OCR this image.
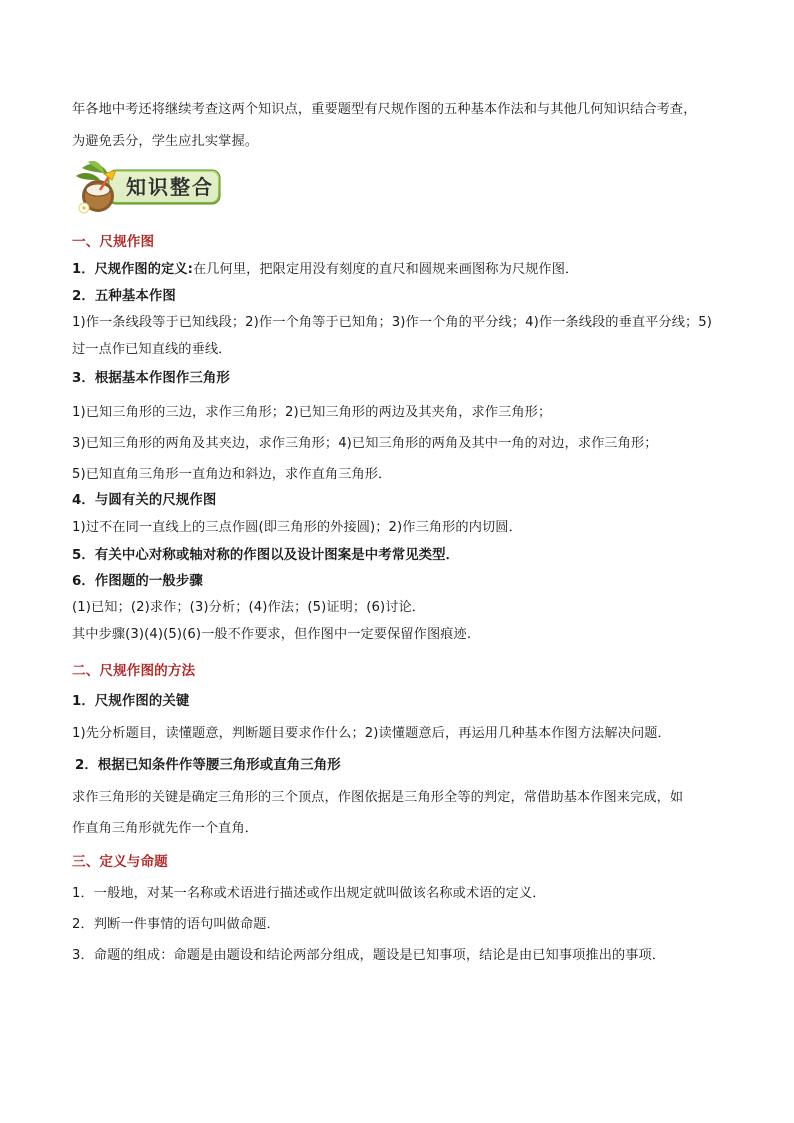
年各地中考还将继续考查这两个知识点，重要题型有尺规作图的五种基本作法和与其他几何知识结合考查，
为避免丢分，学生应扎实掌握。
知识整合
一、尺规作图
1．尺规作图的定义:在几何里，把限定用没有刻度的直尺和圆规来画图称为尺规作图．
2．五种基本作图
1)作一条线段等于已知线段；2)作一个角等于已知角；3)作一个角的平分线；4)作一条线段的垂直平分线；5)
过一点作已知直线的垂线．
3．根据基本作图作三角形
1)已知三角形的三边，求作三角形；2)已知三角形的两边及其夹角，求作三角形；
3)已知三角形的两角及其夹边，求作三角形；4)已知三角形的两角及其中一角的对边，求作三角形；
5)已知直角三角形一直角边和斜边，求作直角三角形．
4．与圆有关的尺规作图
1)过不在同一直线上的三点作圆(即三角形的外接圆)；2)作三角形的内切圆．
5．有关中心对称或轴对称的作图以及设计图案是中考常见类型．
6．作图题的一般步骤
(1)已知；(2)求作；(3)分析；(4)作法；(5)证明；(6)讨论．
其中步骤(3)(4)(5)(6)一般不作要求，但作图中一定要保留作图痕迹.
二、尺规作图的方法
1．尺规作图的关键
1)先分析题目，读懂题意，判断题目要求作什么；2)读懂题意后，再运用几种基本作图方法解决问题．
2．根据已知条件作等腰三角形或直角三角形
求作三角形的关键是确定三角形的三个顶点，作图依据是三角形全等的判定，常借助基本作图来完成，如
作直角三角形就先作一个直角．
三、定义与命题
1．一般地，对某一名称或术语进行描述或作出规定就叫做该名称或术语的定义．
2．判断一件事情的语句叫做命题．
3．命题的组成：命题是由题设和结论两部分组成，题设是已知事项，结论是由已知事项推出的事项．
